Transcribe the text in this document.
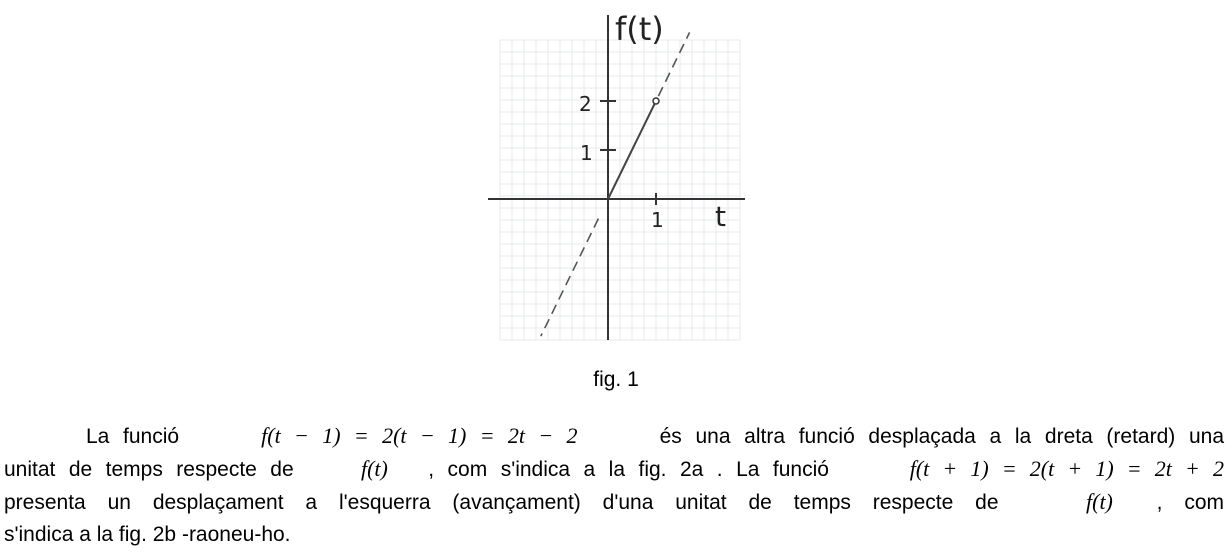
f(t)
t
1
2
1
fig. 1
La funció	f(t − 1) = 2(t − 1) = 2t − 2	és una altra funció desplaçada a la dreta (retard) una
unitat de temps respecte de	f(t) , com s'indica a la fig. 2a . La funció	f(t + 1) = 2(t + 1) = 2t + 2
presenta un desplaçament a l'esquerra (avançament) d'una unitat de temps respecte de	f(t) , com
s'indica a la fig. 2b -raoneu-ho.
